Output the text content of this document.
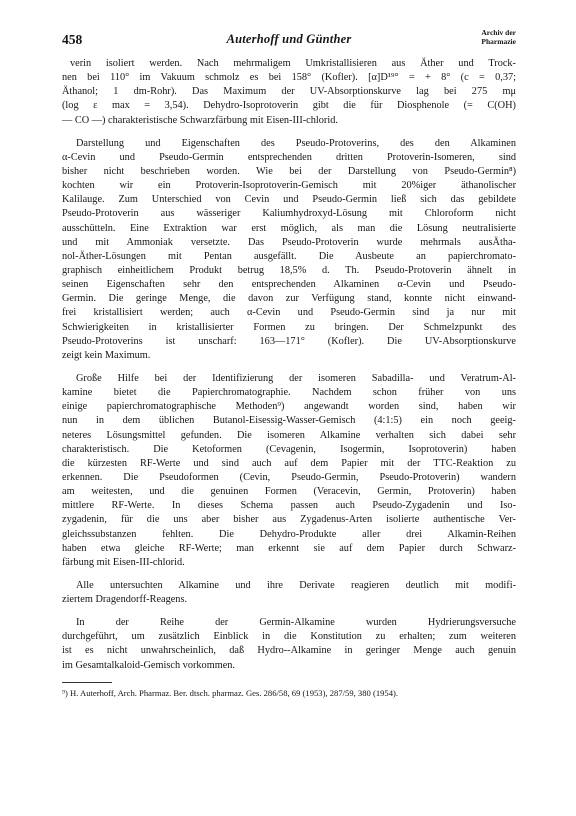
458	Auterhoff und Günther	Archiv der
Pharmazie
verin isoliert werden. Nach mehrmaligem Umkristallisieren aus Äther und Trock-
nen bei 110° im Vakuum schmolz es bei 158° (Kofler). [α]D¹⁹° = + 8° (c = 0,37;
Äthanol; 1 dm-Rohr). Das Maximum der UV-Absorptionskurve lag bei 275 mμ
(log ε max = 3,54). Dehydro-Isoprotoverin gibt die für Diosphenole (= C(OH)
— CO —) charakteristische Schwarzfärbung mit Eisen-III-chlorid.
Darstellung und Eigenschaften des Pseudo-Protoverins, des den Alkaminen
α-Cevin und Pseudo-Germin entsprechenden dritten Protoverin-Isomeren, sind
bisher nicht beschrieben worden. Wie bei der Darstellung von Pseudo-Germin⁸)
kochten wir ein Protoverin-Isoprotoverin-Gemisch mit 20%iger äthanolischer
Kalilauge. Zum Unterschied von Cevin und Pseudo-Germin ließ sich das gebildete
Pseudo-Protoverin aus wässeriger Kaliumhydroxyd-Lösung mit Chloroform nicht
ausschütteln. Eine Extraktion war erst möglich, als man die Lösung neutralisierte
und mit Ammoniak versetzte. Das Pseudo-Protoverin wurde mehrmals ausÄtha-
nol-Äther-Lösungen mit Pentan ausgefällt. Die Ausbeute an papierchromato-
graphisch einheitlichem Produkt betrug 18,5% d. Th. Pseudo-Protoverin ähnelt in
seinen Eigenschaften sehr den entsprechenden Alkaminen α-Cevin und Pseudo-
Germin. Die geringe Menge, die davon zur Verfügung stand, konnte nicht einwand-
frei kristallisiert werden; auch α-Cevin und Pseudo-Germin sind ja nur mit
Schwierigkeiten in kristallisierter Formen zu bringen. Der Schmelzpunkt des
Pseudo-Protoverins ist unscharf: 163—171° (Kofler). Die UV-Absorptionskurve
zeigt kein Maximum.
Große Hilfe bei der Identifizierung der isomeren Sabadilla- und Veratrum-Al-
kamine bietet die Papierchromatographie. Nachdem schon früher von uns
einige papierchromatographische Methoden⁹) angewandt worden sind, haben wir
nun in dem üblichen Butanol-Eisessig-Wasser-Gemisch (4:1:5) ein noch geeig-
neteres Lösungsmittel gefunden. Die isomeren Alkamine verhalten sich dabei sehr
charakteristisch. Die Ketoformen (Cevagenin, Isogermin, Isoprotoverin) haben
die kürzesten RF-Werte und sind auch auf dem Papier mit der TTC-Reaktion zu
erkennen. Die Pseudoformen (Cevin, Pseudo-Germin, Pseudo-Protoverin) wandern
am weitesten, und die genuinen Formen (Veracevin, Germin, Protoverin) haben
mittlere RF-Werte. In dieses Schema passen auch Pseudo-Zygadenin und Iso-
zygadenin, für die uns aber bisher aus Zygadenus-Arten isolierte authentische Ver-
gleichssubstanzen fehlten. Die Dehydro-Produkte aller drei Alkamin-Reihen
haben etwa gleiche RF-Werte; man erkennt sie auf dem Papier durch Schwarz-
färbung mit Eisen-III-chlorid.
Alle untersuchten Alkamine und ihre Derivate reagieren deutlich mit modifi-
ziertem Dragendorff-Reagens.
In der Reihe der Germin-Alkamine wurden Hydrierungsversuche
durchgeführt, um zusätzlich Einblick in die Konstitution zu erhalten; zum weiteren
ist es nicht unwahrscheinlich, daß Hydro--Alkamine in geringer Menge auch genuin
im Gesamtalkaloid-Gemisch vorkommen.
⁹) H. Auterhoff, Arch. Pharmaz. Ber. dtsch. pharmaz. Ges. 286/58, 69 (1953), 287/59, 380 (1954).
